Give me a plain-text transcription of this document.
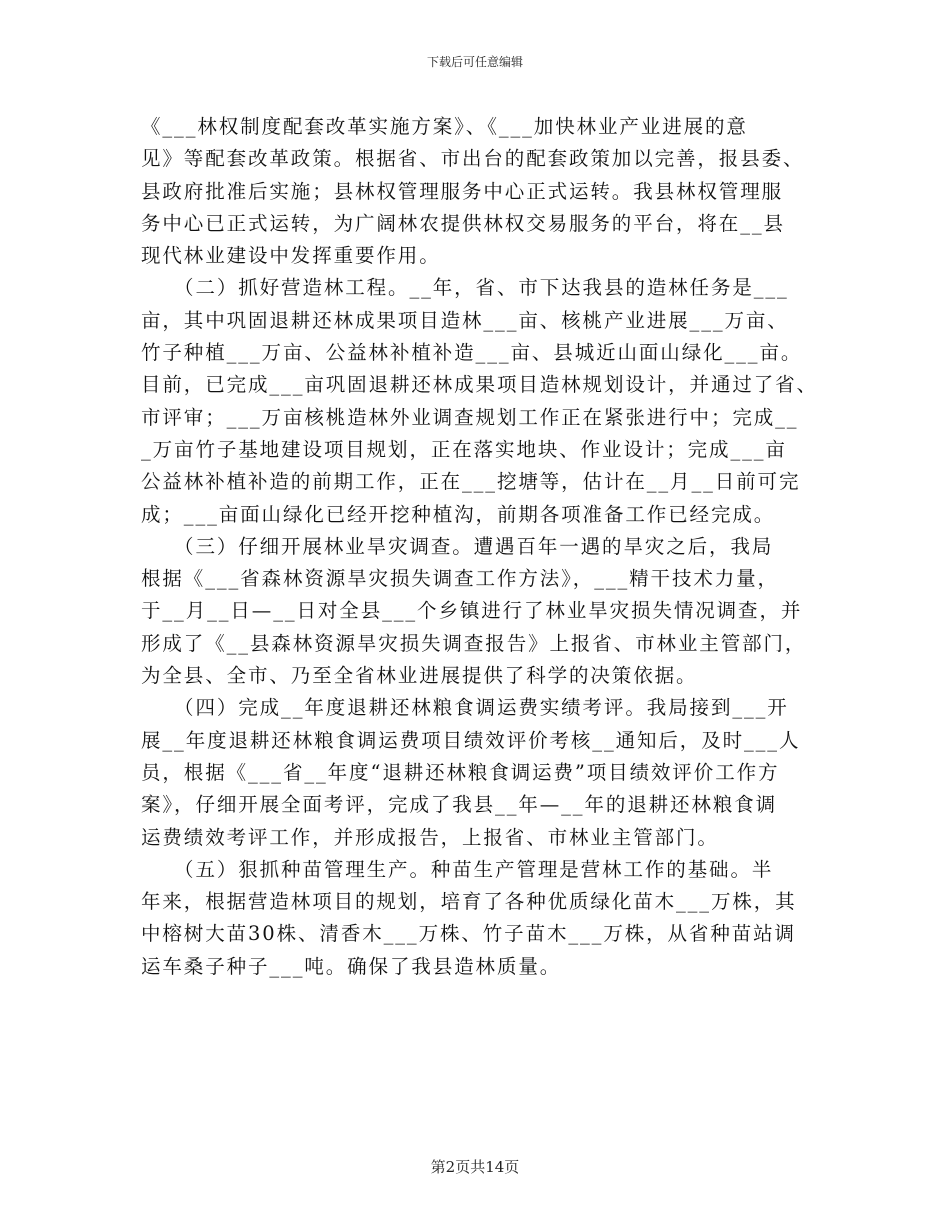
下载后可任意编辑
《___林权制度配套改革实施方案》、《___加快林业产业进展的意
见》等配套改革政策。根据省、市出台的配套政策加以完善，报县委、
县政府批准后实施；县林权管理服务中心正式运转。我县林权管理服
务中心已正式运转，为广阔林农提供林权交易服务的平台，将在__县
现代林业建设中发挥重要作用。
　　（二）抓好营造林工程。__年，省、市下达我县的造林任务是___
亩，其中巩固退耕还林成果项目造林___亩、核桃产业进展___万亩、
竹子种植___万亩、公益林补植补造___亩、县城近山面山绿化___亩。
目前，已完成___亩巩固退耕还林成果项目造林规划设计，并通过了省、
市评审；___万亩核桃造林外业调查规划工作正在紧张进行中；完成__
_万亩竹子基地建设项目规划，正在落实地块、作业设计；完成___亩
公益林补植补造的前期工作，正在___挖塘等，估计在__月__日前可完
成；___亩面山绿化已经开挖种植沟，前期各项准备工作已经完成。
　　（三）仔细开展林业旱灾调查。遭遇百年一遇的旱灾之后，我局
根据《___省森林资源旱灾损失调查工作方法》，___精干技术力量，
于__月__日—__日对全县___个乡镇进行了林业旱灾损失情况调查，并
形成了《__县森林资源旱灾损失调查报告》上报省、市林业主管部门，
为全县、全市、乃至全省林业进展提供了科学的决策依据。
　　（四）完成__年度退耕还林粮食调运费实绩考评。我局接到___开
展__年度退耕还林粮食调运费项目绩效评价考核__通知后，及时___人
员，根据《___省__年度“退耕还林粮食调运费”项目绩效评价工作方
案》，仔细开展全面考评，完成了我县__年—__年的退耕还林粮食调
运费绩效考评工作，并形成报告，上报省、市林业主管部门。
　　（五）狠抓种苗管理生产。种苗生产管理是营林工作的基础。半
年来，根据营造林项目的规划，培育了各种优质绿化苗木___万株，其
中榕树大苗30株、清香木___万株、竹子苗木___万株，从省种苗站调
运车桑子种子___吨。确保了我县造林质量。
第2页共14页
